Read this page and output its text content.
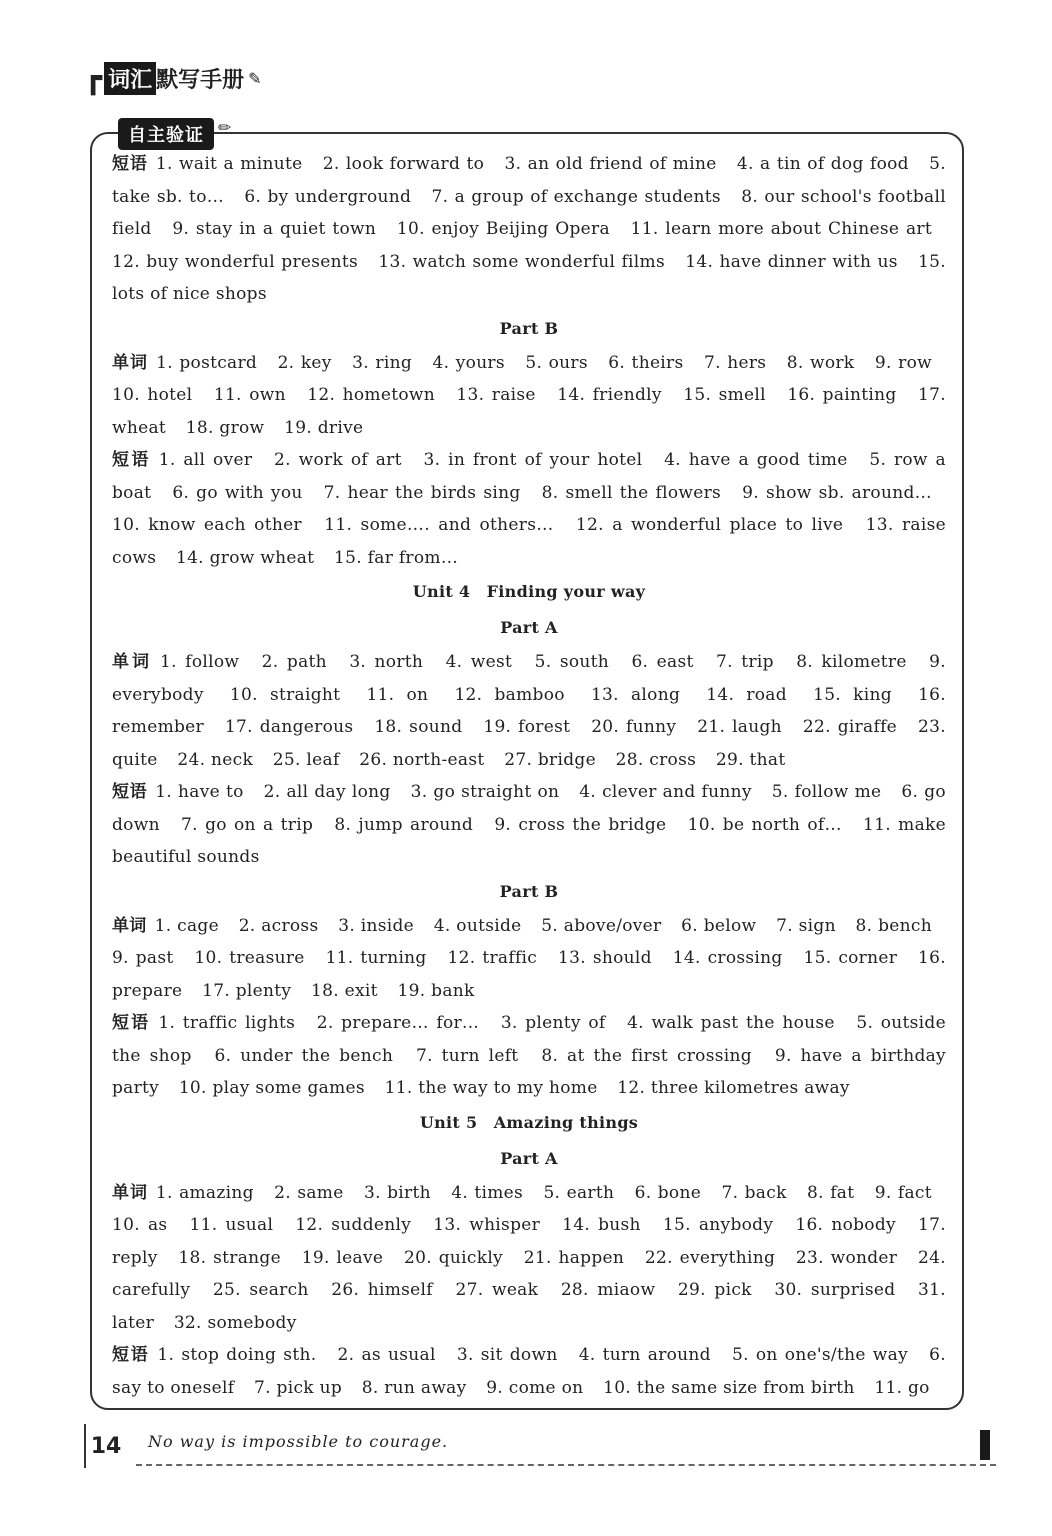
┏ 词汇 默写手册 ✎
自主验证 ✏
短语 1. wait a minute 2. look forward to 3. an old friend of mine 4. a tin of dog food 5. take sb. to… 6. by underground 7. a group of exchange students 8. our school's football field 9. stay in a quiet town 10. enjoy Beijing Opera 11. learn more about Chinese art 12. buy wonderful presents 13. watch some wonderful films 14. have dinner with us 15. lots of nice shops
Part B
单词 1. postcard 2. key 3. ring 4. yours 5. ours 6. theirs 7. hers 8. work 9. row 10. hotel 11. own 12. hometown 13. raise 14. friendly 15. smell 16. painting 17. wheat 18. grow 19. drive
短语 1. all over 2. work of art 3. in front of your hotel 4. have a good time 5. row a boat 6. go with you 7. hear the birds sing 8. smell the flowers 9. show sb. around… 10. know each other 11. some…. and others… 12. a wonderful place to live 13. raise cows 14. grow wheat 15. far from…
Unit 4　Finding your way
Part A
单词 1. follow 2. path 3. north 4. west 5. south 6. east 7. trip 8. kilometre 9. everybody 10. straight 11. on 12. bamboo 13. along 14. road 15. king 16. remember 17. dangerous 18. sound 19. forest 20. funny 21. laugh 22. giraffe 23. quite 24. neck 25. leaf 26. north-east 27. bridge 28. cross 29. that
短语 1. have to 2. all day long 3. go straight on 4. clever and funny 5. follow me 6. go down 7. go on a trip 8. jump around 9. cross the bridge 10. be north of… 11. make beautiful sounds
Part B
单词 1. cage 2. across 3. inside 4. outside 5. above/over 6. below 7. sign 8. bench 9. past 10. treasure 11. turning 12. traffic 13. should 14. crossing 15. corner 16. prepare 17. plenty 18. exit 19. bank
短语 1. traffic lights 2. prepare… for… 3. plenty of 4. walk past the house 5. outside the shop 6. under the bench 7. turn left 8. at the first crossing 9. have a birthday party 10. play some games 11. the way to my home 12. three kilometres away
Unit 5　Amazing things
Part A
单词 1. amazing 2. same 3. birth 4. times 5. earth 6. bone 7. back 8. fat 9. fact 10. as 11. usual 12. suddenly 13. whisper 14. bush 15. anybody 16. nobody 17. reply 18. strange 19. leave 20. quickly 21. happen 22. everything 23. wonder 24. carefully 25. search 26. himself 27. weak 28. miaow 29. pick 30. surprised 31. later 32. somebody
短语 1. stop doing sth. 2. as usual 3. sit down 4. turn around 5. on one's/the way 6. say to oneself 7. pick up 8. run away 9. come on 10. the same size from birth 11. go
14 No way is impossible to courage.
